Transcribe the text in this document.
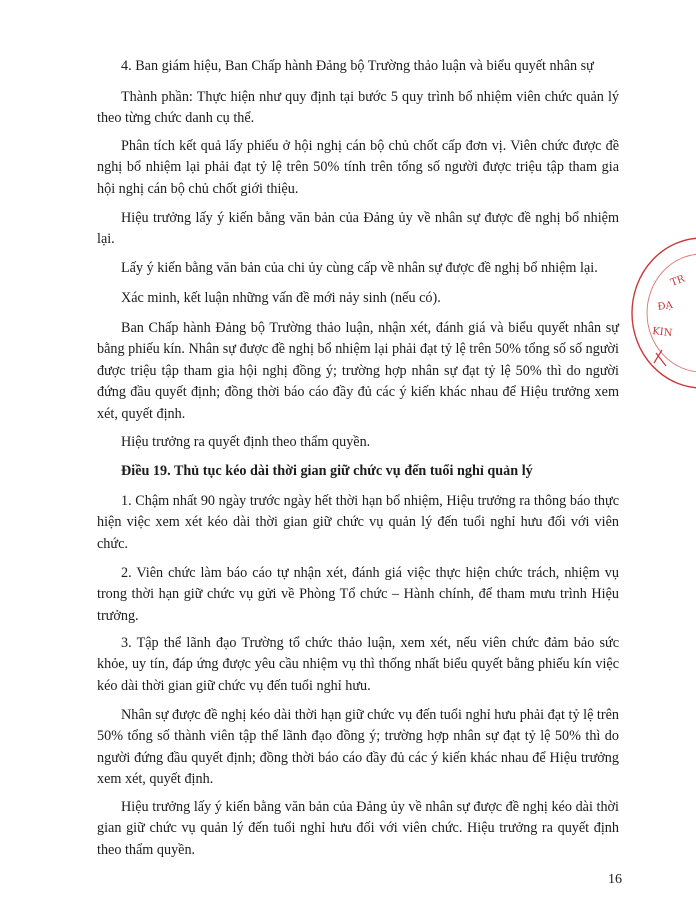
4. Ban giám hiệu, Ban Chấp hành Đảng bộ Trường thảo luận và biểu quyết nhân sự

Thành phần: Thực hiện như quy định tại bước 5 quy trình bổ nhiệm viên chức quản lý theo từng chức danh cụ thể.

Phân tích kết quả lấy phiếu ở hội nghị cán bộ chủ chốt cấp đơn vị. Viên chức được đề nghị bổ nhiệm lại phải đạt tỷ lệ trên 50% tính trên tổng số người được triệu tập tham gia hội nghị cán bộ chủ chốt giới thiệu.

Hiệu trưởng lấy ý kiến bằng văn bản của Đảng ủy về nhân sự được đề nghị bổ nhiệm lại.

Lấy ý kiến bằng văn bản của chi ủy cùng cấp về nhân sự được đề nghị bổ nhiệm lại.

Xác minh, kết luận những vấn đề mới nảy sinh (nếu có).

Ban Chấp hành Đảng bộ Trường thảo luận, nhận xét, đánh giá và biểu quyết nhân sự bằng phiếu kín. Nhân sự được đề nghị bổ nhiệm lại phải đạt tỷ lệ trên 50% tổng số số người được triệu tập tham gia hội nghị đồng ý; trường hợp nhân sự đạt tỷ lệ 50% thì do người đứng đầu quyết định; đồng thời báo cáo đầy đủ các ý kiến khác nhau để Hiệu trưởng xem xét, quyết định.

Hiệu trưởng ra quyết định theo thẩm quyền.

Điều 19. Thủ tục kéo dài thời gian giữ chức vụ đến tuổi nghỉ quản lý

1. Chậm nhất 90 ngày trước ngày hết thời hạn bổ nhiệm, Hiệu trưởng ra thông báo thực hiện việc xem xét kéo dài thời gian giữ chức vụ quản lý đến tuổi nghỉ hưu đối với viên chức.

2. Viên chức làm báo cáo tự nhận xét, đánh giá việc thực hiện chức trách, nhiệm vụ trong thời hạn giữ chức vụ gửi về Phòng Tổ chức – Hành chính, để tham mưu trình Hiệu trưởng.

3. Tập thể lãnh đạo Trường tổ chức thảo luận, xem xét, nếu viên chức đảm bảo sức khỏe, uy tín, đáp ứng được yêu cầu nhiệm vụ thì thống nhất biểu quyết bằng phiếu kín việc kéo dài thời gian giữ chức vụ đến tuổi nghỉ hưu.

Nhân sự được đề nghị kéo dài thời hạn giữ chức vụ đến tuổi nghỉ hưu phải đạt tỷ lệ trên 50% tổng số thành viên tập thể lãnh đạo đồng ý; trường hợp nhân sự đạt tỷ lệ 50% thì do người đứng đầu quyết định; đồng thời báo cáo đầy đủ các ý kiến khác nhau để Hiệu trưởng xem xét, quyết định.

Hiệu trưởng lấy ý kiến bằng văn bản của Đảng ủy về nhân sự được đề nghị kéo dài thời gian giữ chức vụ quản lý đến tuổi nghỉ hưu đối với viên chức. Hiệu trưởng ra quyết định theo thẩm quyền.

TR
ĐẠ
KIN
16
